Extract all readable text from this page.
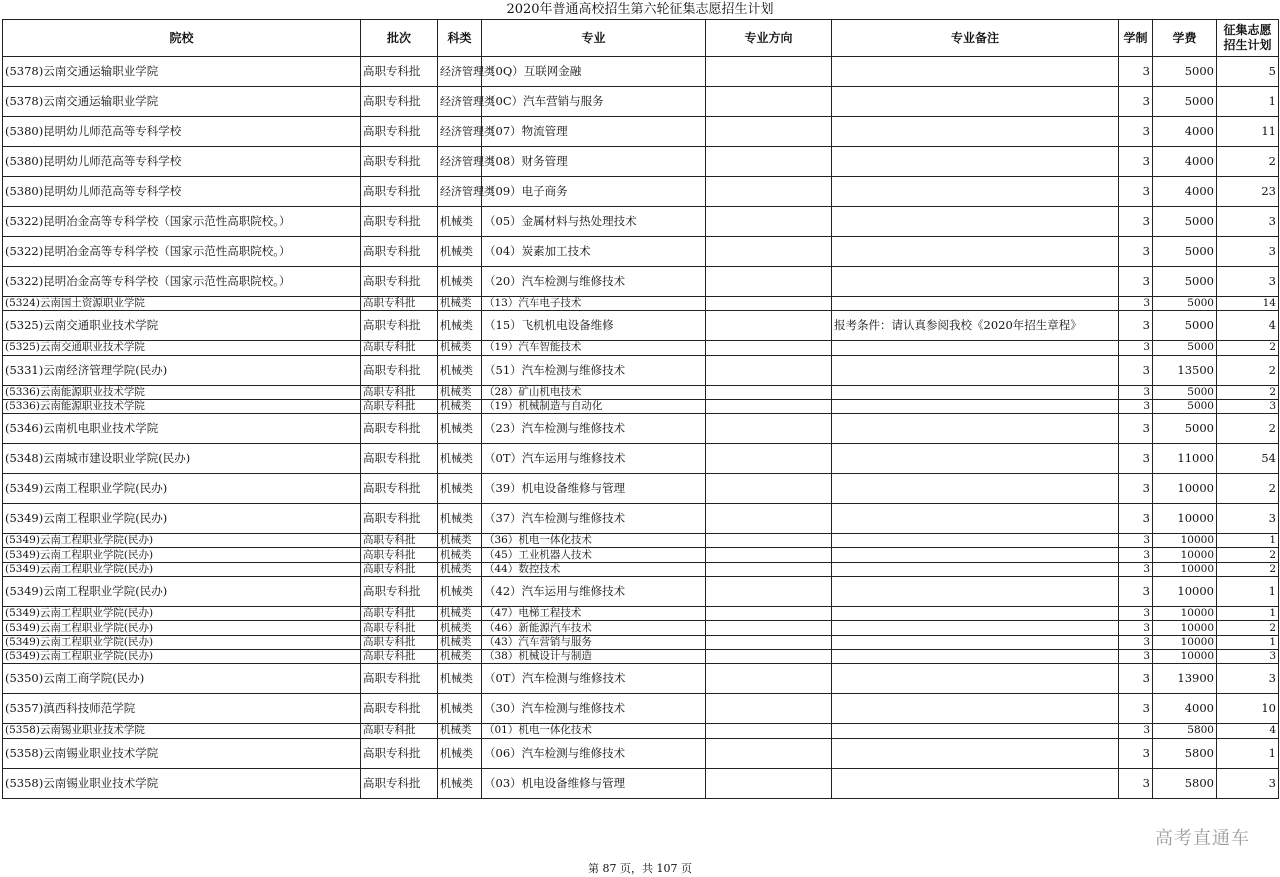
2020年普通高校招生第六轮征集志愿招生计划
院校	批次	科类	专业	专业方向	专业备注	学制	学费	征集志愿招生计划
(5378)云南交通运输职业学院	高职专科批	经济管理类	（0Q）互联网金融			3	5000	5
(5378)云南交通运输职业学院	高职专科批	经济管理类	（0C）汽车营销与服务			3	5000	1
(5380)昆明幼儿师范高等专科学校	高职专科批	经济管理类	（07）物流管理			3	4000	11
(5380)昆明幼儿师范高等专科学校	高职专科批	经济管理类	（08）财务管理			3	4000	2
(5380)昆明幼儿师范高等专科学校	高职专科批	经济管理类	（09）电子商务			3	4000	23
(5322)昆明冶金高等专科学校（国家示范性高职院校。）	高职专科批	机械类	（05）金属材料与热处理技术			3	5000	3
(5322)昆明冶金高等专科学校（国家示范性高职院校。）	高职专科批	机械类	（04）炭素加工技术			3	5000	3
(5322)昆明冶金高等专科学校（国家示范性高职院校。）	高职专科批	机械类	（20）汽车检测与维修技术			3	5000	3
(5324)云南国土资源职业学院	高职专科批	机械类	（13）汽车电子技术			3	5000	14
(5325)云南交通职业技术学院	高职专科批	机械类	（15）飞机机电设备维修		报考条件：请认真参阅我校《2020年招生章程》	3	5000	4
(5325)云南交通职业技术学院	高职专科批	机械类	（19）汽车智能技术			3	5000	2
(5331)云南经济管理学院(民办)	高职专科批	机械类	（51）汽车检测与维修技术			3	13500	2
(5336)云南能源职业技术学院	高职专科批	机械类	（28）矿山机电技术			3	5000	2
(5336)云南能源职业技术学院	高职专科批	机械类	（19）机械制造与自动化			3	5000	3
(5346)云南机电职业技术学院	高职专科批	机械类	（23）汽车检测与维修技术			3	5000	2
(5348)云南城市建设职业学院(民办)	高职专科批	机械类	（0T）汽车运用与维修技术			3	11000	54
(5349)云南工程职业学院(民办)	高职专科批	机械类	（39）机电设备维修与管理			3	10000	2
(5349)云南工程职业学院(民办)	高职专科批	机械类	（37）汽车检测与维修技术			3	10000	3
(5349)云南工程职业学院(民办)	高职专科批	机械类	（36）机电一体化技术			3	10000	1
(5349)云南工程职业学院(民办)	高职专科批	机械类	（45）工业机器人技术			3	10000	2
(5349)云南工程职业学院(民办)	高职专科批	机械类	（44）数控技术			3	10000	2
(5349)云南工程职业学院(民办)	高职专科批	机械类	（42）汽车运用与维修技术			3	10000	1
(5349)云南工程职业学院(民办)	高职专科批	机械类	（47）电梯工程技术			3	10000	1
(5349)云南工程职业学院(民办)	高职专科批	机械类	（46）新能源汽车技术			3	10000	2
(5349)云南工程职业学院(民办)	高职专科批	机械类	（43）汽车营销与服务			3	10000	1
(5349)云南工程职业学院(民办)	高职专科批	机械类	（38）机械设计与制造			3	10000	3
(5350)云南工商学院(民办)	高职专科批	机械类	（0T）汽车检测与维修技术			3	13900	3
(5357)滇西科技师范学院	高职专科批	机械类	（30）汽车检测与维修技术			3	4000	10
(5358)云南锡业职业技术学院	高职专科批	机械类	（01）机电一体化技术			3	5800	4
(5358)云南锡业职业技术学院	高职专科批	机械类	（06）汽车检测与维修技术			3	5800	1
(5358)云南锡业职业技术学院	高职专科批	机械类	（03）机电设备维修与管理			3	5800	3
第 87 页，共 107 页
高考直通车
